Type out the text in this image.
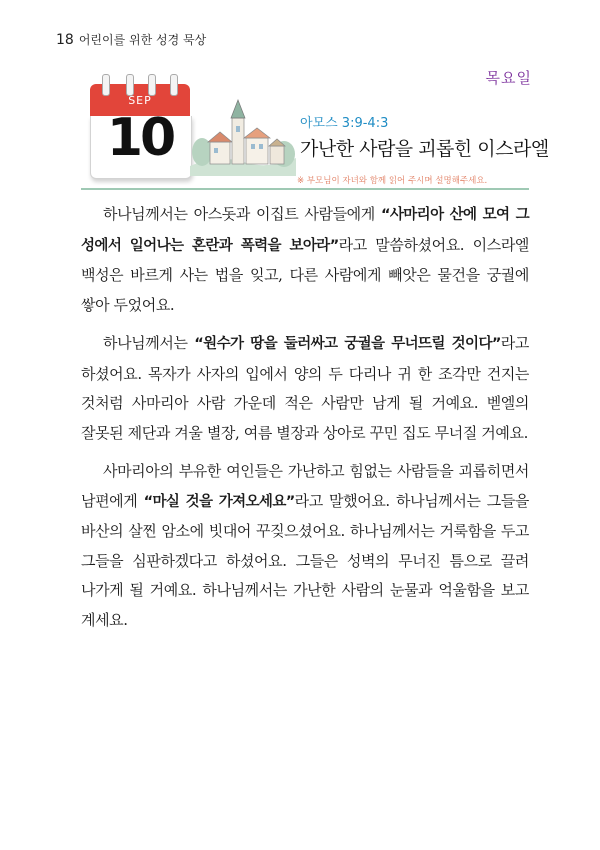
18 어린이를 위한 성경 묵상
목요일
SEP
10	아모스 3:9-4:3
가난한 사람을 괴롭힌 이스라엘
※ 부모님이 자녀와 함께 읽어 주시며 설명해주세요.

하나님께서는 아스돗과 이집트 사람들에게 “사마리아 산에 모여 그 성에서 일어나는 혼란과 폭력을 보아라”라고 말씀하셨어요. 이스라엘 백성은 바르게 사는 법을 잊고, 다른 사람에게 빼앗은 물건을 궁궐에 쌓아 두었어요.

하나님께서는 “원수가 땅을 둘러싸고 궁궐을 무너뜨릴 것이다”라고 하셨어요. 목자가 사자의 입에서 양의 두 다리나 귀 한 조각만 건지는 것처럼 사마리아 사람 가운데 적은 사람만 남게 될 거예요. 벧엘의 잘못된 제단과 겨울 별장, 여름 별장과 상아로 꾸민 집도 무너질 거예요.

사마리아의 부유한 여인들은 가난하고 힘없는 사람들을 괴롭히면서 남편에게 “마실 것을 가져오세요”라고 말했어요. 하나님께서는 그들을 바산의 살찐 암소에 빗대어 꾸짖으셨어요. 하나님께서는 거룩함을 두고 그들을 심판하겠다고 하셨어요. 그들은 성벽의 무너진 틈으로 끌려 나가게 될 거예요. 하나님께서는 가난한 사람의 눈물과 억울함을 보고 계세요.
